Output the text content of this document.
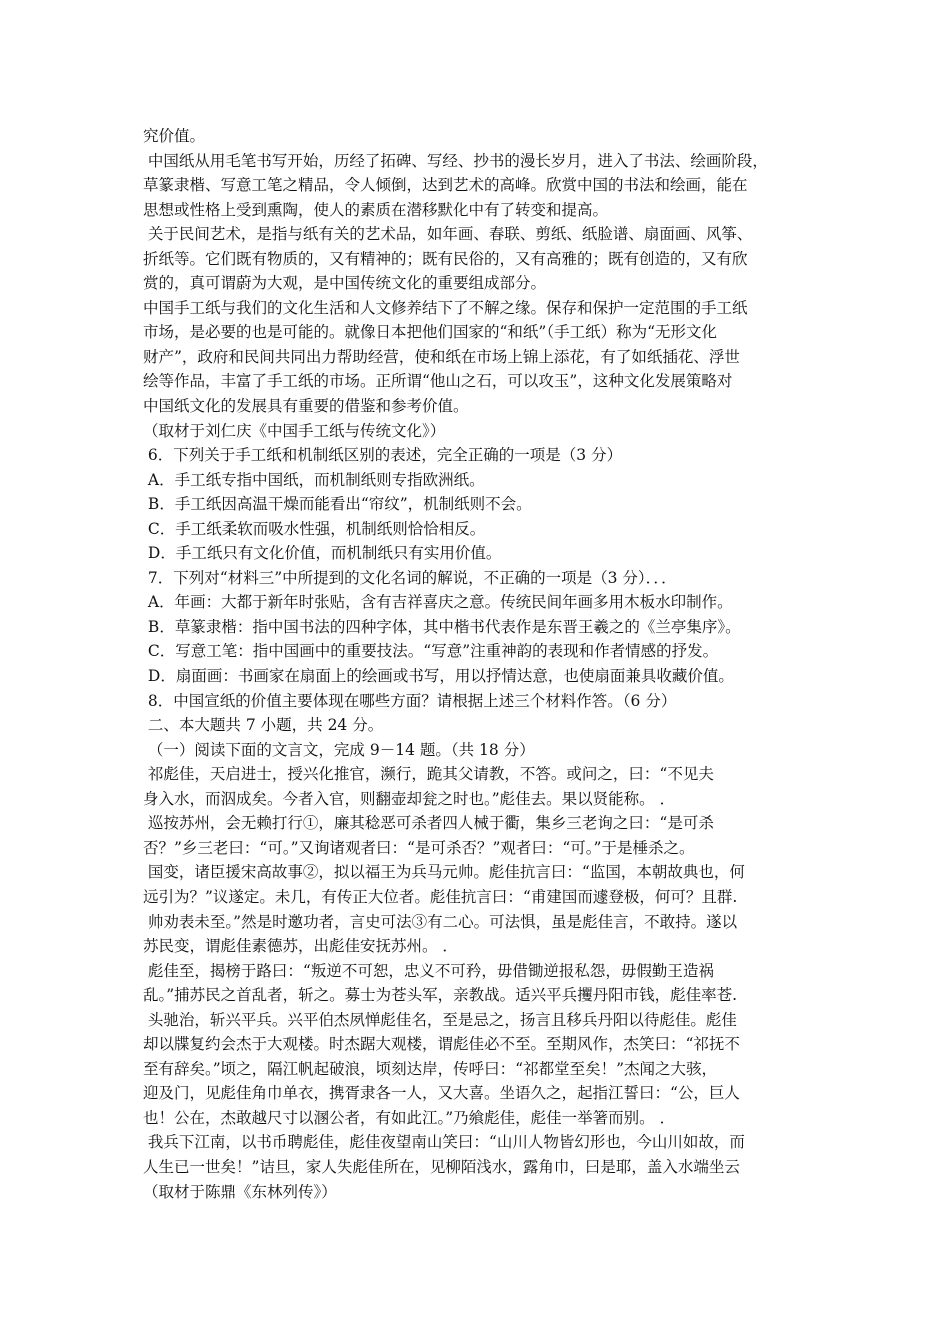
究价值。
中国纸从用毛笔书写开始，历经了拓碑、写经、抄书的漫长岁月，进入了书法、绘画阶段，
草篆隶楷、写意工笔之精品，令人倾倒，达到艺术的高峰。欣赏中国的书法和绘画，能在
思想或性格上受到熏陶，使人的素质在潜移默化中有了转变和提高。
关于民间艺术，是指与纸有关的艺术品，如年画、春联、剪纸、纸脸谱、扇面画、风筝、
折纸等。它们既有物质的，又有精神的；既有民俗的，又有高雅的；既有创造的，又有欣
赏的，真可谓蔚为大观，是中国传统文化的重要组成部分。
中国手工纸与我们的文化生活和人文修养结下了不解之缘。保存和保护一定范围的手工纸
市场，是必要的也是可能的。就像日本把他们国家的“和纸”（手工纸）称为“无形文化
财产”，政府和民间共同出力帮助经营，使和纸在市场上锦上添花，有了如纸插花、浮世
绘等作品，丰富了手工纸的市场。正所谓“他山之石，可以攻玉”，这种文化发展策略对
中国纸文化的发展具有重要的借鉴和参考价值。
（取材于刘仁庆《中国手工纸与传统文化》）
6．下列关于手工纸和机制纸区别的表述，完全正确的一项是（3 分）
A．手工纸专指中国纸，而机制纸则专指欧洲纸。
B．手工纸因高温干燥而能看出“帘纹”，机制纸则不会。
C．手工纸柔软而吸水性强，机制纸则恰恰相反。
D．手工纸只有文化价值，而机制纸只有实用价值。
7．下列对“材料三”中所提到的文化名词的解说，不正确的一项是（3 分）．．．
A．年画：大都于新年时张贴，含有吉祥喜庆之意。传统民间年画多用木板水印制作。
B．草篆隶楷：指中国书法的四种字体，其中楷书代表作是东晋王羲之的《兰亭集序》。
C．写意工笔：指中国画中的重要技法。“写意”注重神韵的表现和作者情感的抒发。
D．扇面画：书画家在扇面上的绘画或书写，用以抒情达意，也使扇面兼具收藏价值。
8．中国宣纸的价值主要体现在哪些方面？请根据上述三个材料作答。（6 分）
二、本大题共 7 小题，共 24 分。
（一）阅读下面的文言文，完成 9－14 题。（共 18 分）
祁彪佳，天启进士，授兴化推官，濒行，跪其父请教，不答。或问之，曰：“不见夫
身入水，而泅成矣。今者入官，则翻壶却瓮之时也。”彪佳去。果以贤能称。 ．
巡按苏州，会无赖打行①，廉其稔恶可杀者四人械于衢，集乡三老询之曰：“是可杀
否？”乡三老曰：“可。”又询诸观者曰：“是可杀否？”观者曰：“可。”于是棰杀之。
国变，诸臣援宋高故事②，拟以福王为兵马元帅。彪佳抗言曰：“监国，本朝故典也，何
远引为？”议遂定。未几，有传正大位者。彪佳抗言曰：“甫建国而遽登极，何可？且群.
帅劝表未至。”然是时邀功者，言史可法③有二心。可法惧，虽是彪佳言，不敢持。遂以
苏民变，谓彪佳素德苏，出彪佳安抚苏州。 ．
彪佳至，揭榜于路曰：“叛逆不可恕，忠义不可矜，毋借锄逆报私怨，毋假勤王造祸
乱。”捕苏民之首乱者，斩之。募士为苍头军，亲教战。适兴平兵攫丹阳市钱，彪佳率苍.
头驰治，斩兴平兵。兴平伯杰夙惮彪佳名，至是忌之，扬言且移兵丹阳以待彪佳。彪佳
却以牒复约会杰于大观楼。时杰踞大观楼，谓彪佳必不至。至期风作，杰笑曰：“祁抚不
至有辞矣。”顷之，隔江帆起破浪，顷刻达岸，传呼曰：“祁都堂至矣！”杰闻之大骇，
迎及门，见彪佳角巾单衣，携胥隶各一人，又大喜。坐语久之，起指江誓曰：“公，巨人
也！公在，杰敢越尺寸以溷公者，有如此江。”乃飨彪佳，彪佳一举箸而别。 ．
我兵下江南，以书币聘彪佳，彪佳夜望南山笑曰：“山川人物皆幻形也，今山川如故，而
人生已一世矣！”诘旦，家人失彪佳所在，见柳陌浅水，露角巾，曰是耶，盖入水端坐云
（取材于陈鼎《东林列传》）
